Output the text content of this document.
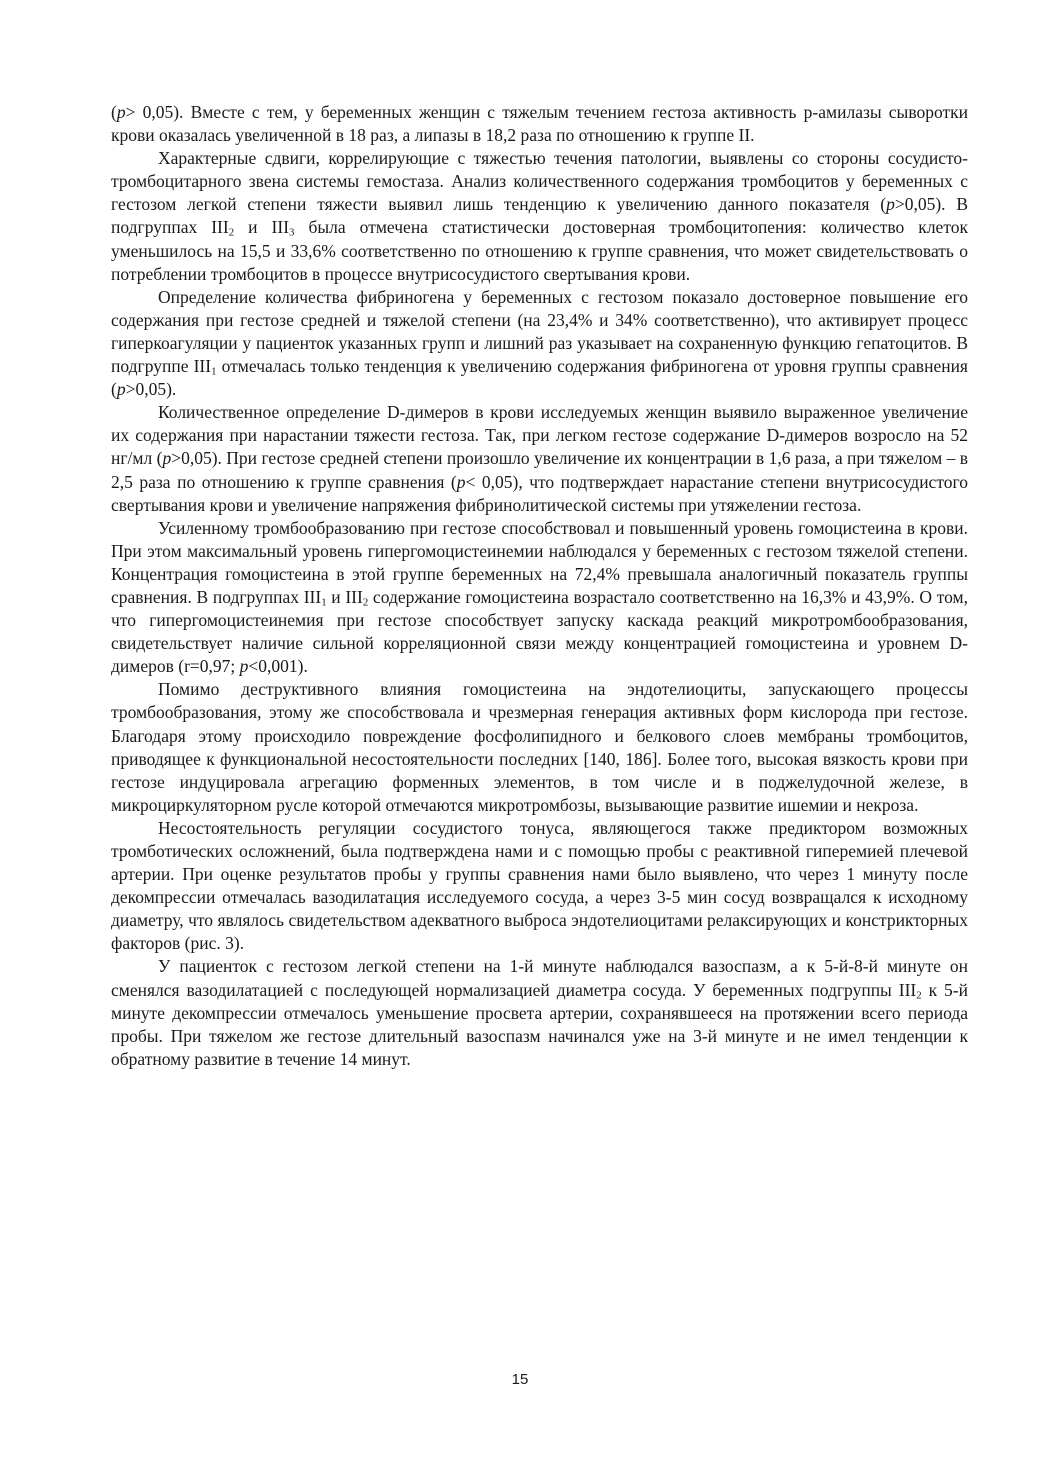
(p> 0,05). Вместе с тем, у беременных женщин с тяжелым течением гестоза активность р-амилазы сыворотки крови оказалась увеличенной в 18 раз, а липазы в 18,2 раза по отношению к группе II.

Характерные сдвиги, коррелирующие с тяжестью течения патологии, выявлены со стороны сосудисто-тромбоцитарного звена системы гемостаза. Анализ количественного содержания тромбоцитов у беременных с гестозом легкой степени тяжести выявил лишь тенденцию к увеличению данного показателя (p>0,05). В подгруппах $III_2$ и $III_3$ была отмечена статистически достоверная тромбоцитопения: количество клеток уменьшилось на 15,5 и 33,6% соответственно по отношению к группе сравнения, что может свидетельствовать о потреблении тромбоцитов в процессе внутрисосудистого свертывания крови.

Определение количества фибриногена у беременных с гестозом показало достоверное повышение его содержания при гестозе средней и тяжелой степени (на 23,4% и 34% соответственно), что активирует процесс гиперкоагуляции у пациенток указанных групп и лишний раз указывает на сохраненную функцию гепатоцитов. В подгруппе $III_1$ отмечалась только тенденция к увеличению содержания фибриногена от уровня группы сравнения (p>0,05).

Количественное определение D-димеров в крови исследуемых женщин выявило выраженное увеличение их содержания при нарастании тяжести гестоза. Так, при легком гестозе содержание D-димеров возросло на 52 нг/мл (p>0,05). При гестозе средней степени произошло увеличение их концентрации в 1,6 раза, а при тяжелом – в 2,5 раза по отношению к группе сравнения (p< 0,05), что подтверждает нарастание степени внутрисосудистого свертывания крови и увеличение напряжения фибринолитической системы при утяжелении гестоза.

Усиленному тромбообразованию при гестозе способствовал и повышенный уровень гомоцистеина в крови. При этом максимальный уровень гипергомоцистеинемии наблюдался у беременных с гестозом тяжелой степени. Концентрация гомоцистеина в этой группе беременных на 72,4% превышала аналогичный показатель группы сравнения. В подгруппах $III_1$ и $III_2$ содержание гомоцистеина возрастало соответственно на 16,3% и 43,9%. О том, что гипергомоцистеинемия при гестозе способствует запуску каскада реакций микротромбообразования, свидетельствует наличие сильной корреляционной связи между концентрацией гомоцистеина и уровнем D-димеров (r=0,97; p<0,001).

Помимо деструктивного влияния гомоцистеина на эндотелиоциты, запускающего процессы тромбообразования, этому же способствовала и чрезмерная генерация активных форм кислорода при гестозе. Благодаря этому происходило повреждение фосфолипидного и белкового слоев мембраны тромбоцитов, приводящее к функциональной несостоятельности последних [140, 186]. Более того, высокая вязкость крови при гестозе индуцировала агрегацию форменных элементов, в том числе и в поджелудочной железе, в микроциркуляторном русле которой отмечаются микротромбозы, вызывающие развитие ишемии и некроза.

Несостоятельность регуляции сосудистого тонуса, являющегося также предиктором возможных тромботических осложнений, была подтверждена нами и с помощью пробы с реактивной гиперемией плечевой артерии. При оценке результатов пробы у группы сравнения нами было выявлено, что через 1 минуту после декомпрессии отмечалась вазодилатация исследуемого сосуда, а через 3-5 мин сосуд возвращался к исходному диаметру, что являлось свидетельством адекватного выброса эндотелиоцитами релаксирующих и констрикторных факторов (рис. 3).

У пациенток с гестозом легкой степени на 1-й минуте наблюдался вазоспазм, а к 5-й-8-й минуте он сменялся вазодилатацией с последующей нормализацией диаметра сосуда. У беременных подгруппы $III_2$ к 5-й минуте декомпрессии отмечалось уменьшение просвета артерии, сохранявшееся на протяжении всего периода пробы. При тяжелом же гестозе длительный вазоспазм начинался уже на 3-й минуте и не имел тенденции к обратному развитие в течение 14 минут.

15
